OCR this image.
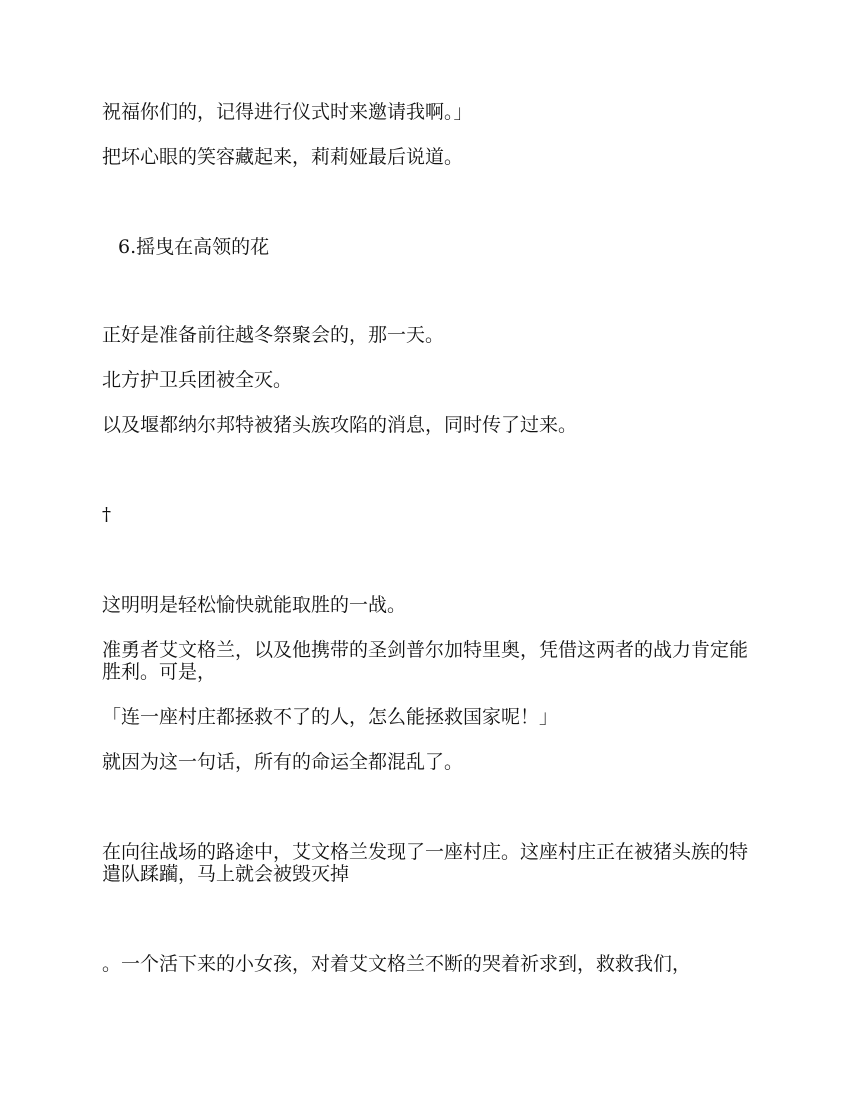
祝福你们的，记得进行仪式时来邀请我啊。」

把坏心眼的笑容藏起来，莉莉娅最后说道。

6.摇曳在高领的花

正好是准备前往越冬祭聚会的，那一天。

北方护卫兵团被全灭。

以及堰都纳尔邦特被猪头族攻陷的消息，同时传了过来。

†

这明明是轻松愉快就能取胜的一战。

准勇者艾文格兰，以及他携带的圣剑普尔加特里奥，凭借这两者的战力肯定能胜利。可是，

「连一座村庄都拯救不了的人，怎么能拯救国家呢！」

就因为这一句话，所有的命运全都混乱了。

在向往战场的路途中，艾文格兰发现了一座村庄。这座村庄正在被猪头族的特遣队蹂躏，马上就会被毁灭掉

。一个活下来的小女孩，对着艾文格兰不断的哭着祈求到，救救我们，
